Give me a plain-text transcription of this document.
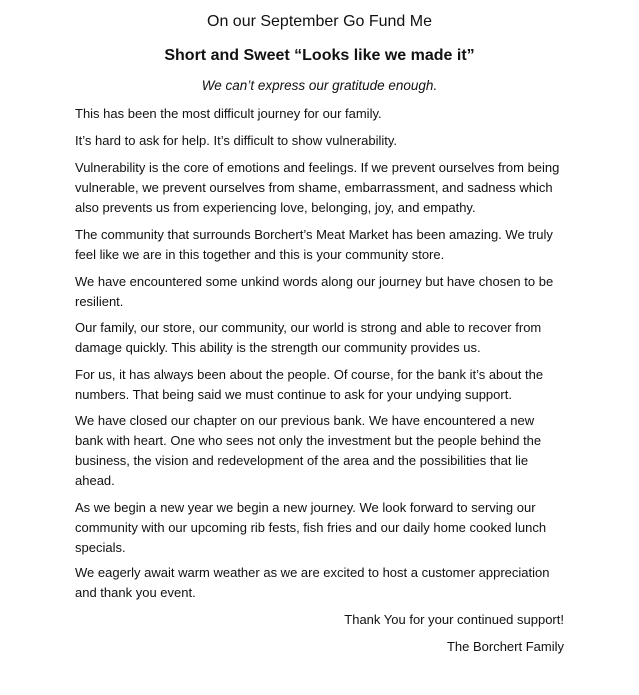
On our September Go Fund Me
Short and Sweet “Looks like we made it”
We can’t express our gratitude enough.
This has been the most difficult journey for our family.
It’s hard to ask for help. It’s difficult to show vulnerability.
Vulnerability is the core of emotions and feelings. If we prevent ourselves from being
vulnerable, we prevent ourselves from shame, embarrassment, and sadness which
also prevents us from experiencing love, belonging, joy, and empathy.
The community that surrounds Borchert’s Meat Market has been amazing. We truly
feel like we are in this together and this is your community store.
We have encountered some unkind words along our journey but have chosen to be
resilient.
Our family, our store, our community, our world is strong and able to recover from
damage quickly. This ability is the strength our community provides us.
For us, it has always been about the people. Of course, for the bank it’s about the
numbers. That being said we must continue to ask for your undying support.
We have closed our chapter on our previous bank. We have encountered a new
bank with heart. One who sees not only the investment but the people behind the
business, the vision and redevelopment of the area and the possibilities that lie
ahead.
As we begin a new year we begin a new journey. We look forward to serving our
community with our upcoming rib fests, fish fries and our daily home cooked lunch
specials.
We eagerly await warm weather as we are excited to host a customer appreciation
and thank you event.
Thank You for your continued support!
The Borchert Family
